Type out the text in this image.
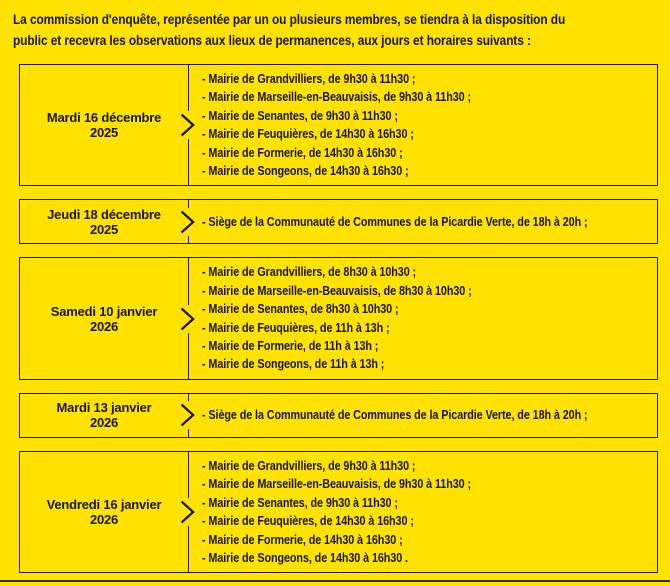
La commission d'enquête, représentée par un ou plusieurs membres, se tiendra à la disposition du
public et recevra les observations aux lieux de permanences, aux jours et horaires suivants :
Mardi 16 décembre
2025
- Mairie de Grandvilliers, de 9h30 à 11h30 ;
- Mairie de Marseille-en-Beauvaisis, de 9h30 à 11h30 ;
- Mairie de Senantes, de 9h30 à 11h30 ;
- Mairie de Feuquières, de 14h30 à 16h30 ;
- Mairie de Formerie, de 14h30 à 16h30 ;
- Mairie de Songeons, de 14h30 à 16h30 ;
Jeudi 18 décembre
2025
- Siège de la Communauté de Communes de la Picardie Verte, de 18h à 20h ;
Samedi 10 janvier
2026
- Mairie de Grandvilliers, de 8h30 à 10h30 ;
- Mairie de Marseille-en-Beauvaisis, de 8h30 à 10h30 ;
- Mairie de Senantes, de 8h30 à 10h30 ;
- Mairie de Feuquières, de 11h à 13h ;
- Mairie de Formerie, de 11h à 13h ;
- Mairie de Songeons, de 11h à 13h ;
Mardi 13 janvier
2026
- Siège de la Communauté de Communes de la Picardie Verte, de 18h à 20h ;
Vendredi 16 janvier
2026
- Mairie de Grandvilliers, de 9h30 à 11h30 ;
- Mairie de Marseille-en-Beauvaisis, de 9h30 à 11h30 ;
- Mairie de Senantes, de 9h30 à 11h30 ;
- Mairie de Feuquières, de 14h30 à 16h30 ;
- Mairie de Formerie, de 14h30 à 16h30 ;
- Mairie de Songeons, de 14h30 à 16h30 .
